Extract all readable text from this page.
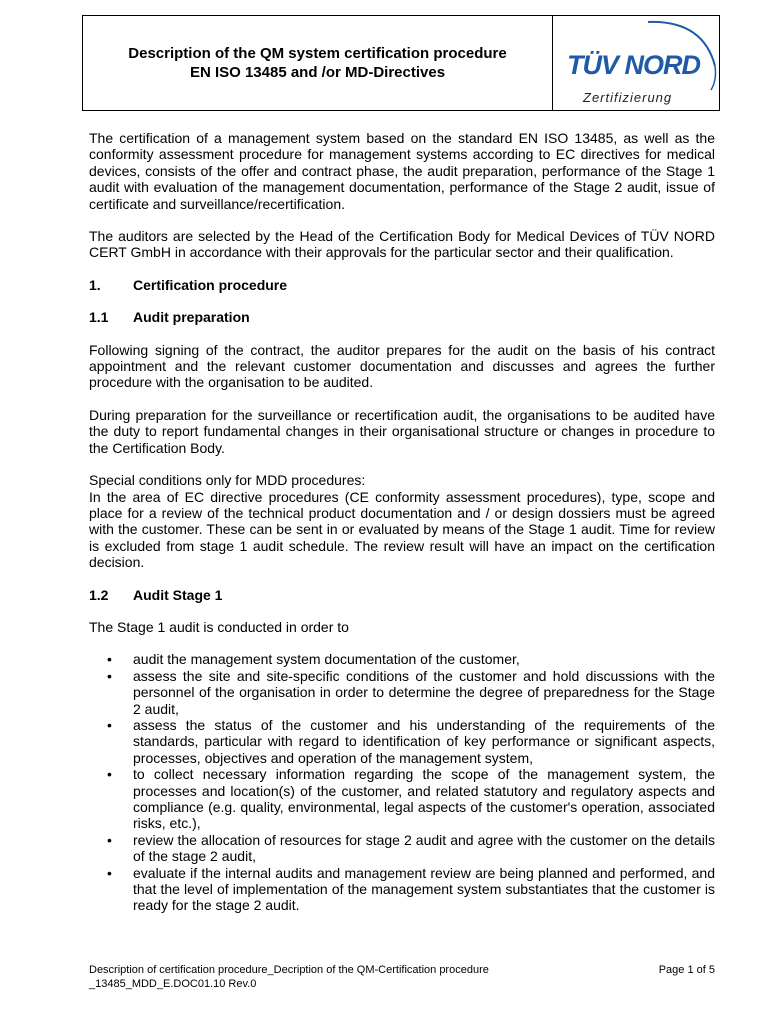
Description of the QM system certification procedure
EN ISO 13485 and /or MD-Directives	TÜV NORD
Zertifizierung

The certification of a management system based on the standard EN ISO 13485, as well as the conformity assessment procedure for management systems according to EC directives for medical devices, consists of the offer and contract phase, the audit preparation, performance of the Stage 1 audit with evaluation of the management documentation, performance of the Stage 2 audit, issue of certificate and surveillance/recertification.

The auditors are selected by the Head of the Certification Body for Medical Devices of TÜV NORD CERT GmbH in accordance with their approvals for the particular sector and their qualification.

1.	Certification procedure
1.1	Audit preparation

Following signing of the contract, the auditor prepares for the audit on the basis of his contract appointment and the relevant customer documentation and discusses and agrees the further procedure with the organisation to be audited.

During preparation for the surveillance or recertification audit, the organisations to be audited have the duty to report fundamental changes in their organisational structure or changes in procedure to the Certification Body.

Special conditions only for MDD procedures:

In the area of EC directive procedures (CE conformity assessment procedures), type, scope and place for a review of the technical product documentation and / or design dossiers must be agreed with the customer. These can be sent in or evaluated by means of the Stage 1 audit. Time for review is excluded from stage 1 audit schedule. The review result will have an impact on the certification decision.

1.2	Audit Stage 1

The Stage 1 audit is conducted in order to

• audit the management system documentation of the customer,
• assess the site and site-specific conditions of the customer and hold discussions with the personnel of the organisation in order to determine the degree of preparedness for the Stage 2 audit,
• assess the status of the customer and his understanding of the requirements of the standards, particular with regard to identification of key performance or significant aspects, processes, objectives and operation of the management system,
• to collect necessary information regarding the scope of the management system, the processes and location(s) of the customer, and related statutory and regulatory aspects and compliance (e.g. quality, environmental, legal aspects of the customer's operation, associated risks, etc.),
• review the allocation of resources for stage 2 audit and agree with the customer on the details of the stage 2 audit,
• evaluate if the internal audits and management review are being planned and performed, and that the level of implementation of the management system substantiates that the customer is ready for the stage 2 audit.
Description of certification procedure_Decription of the QM-Certification procedure _13485_MDD_E.DOC01.10 Rev.0
Page 1 of 5
